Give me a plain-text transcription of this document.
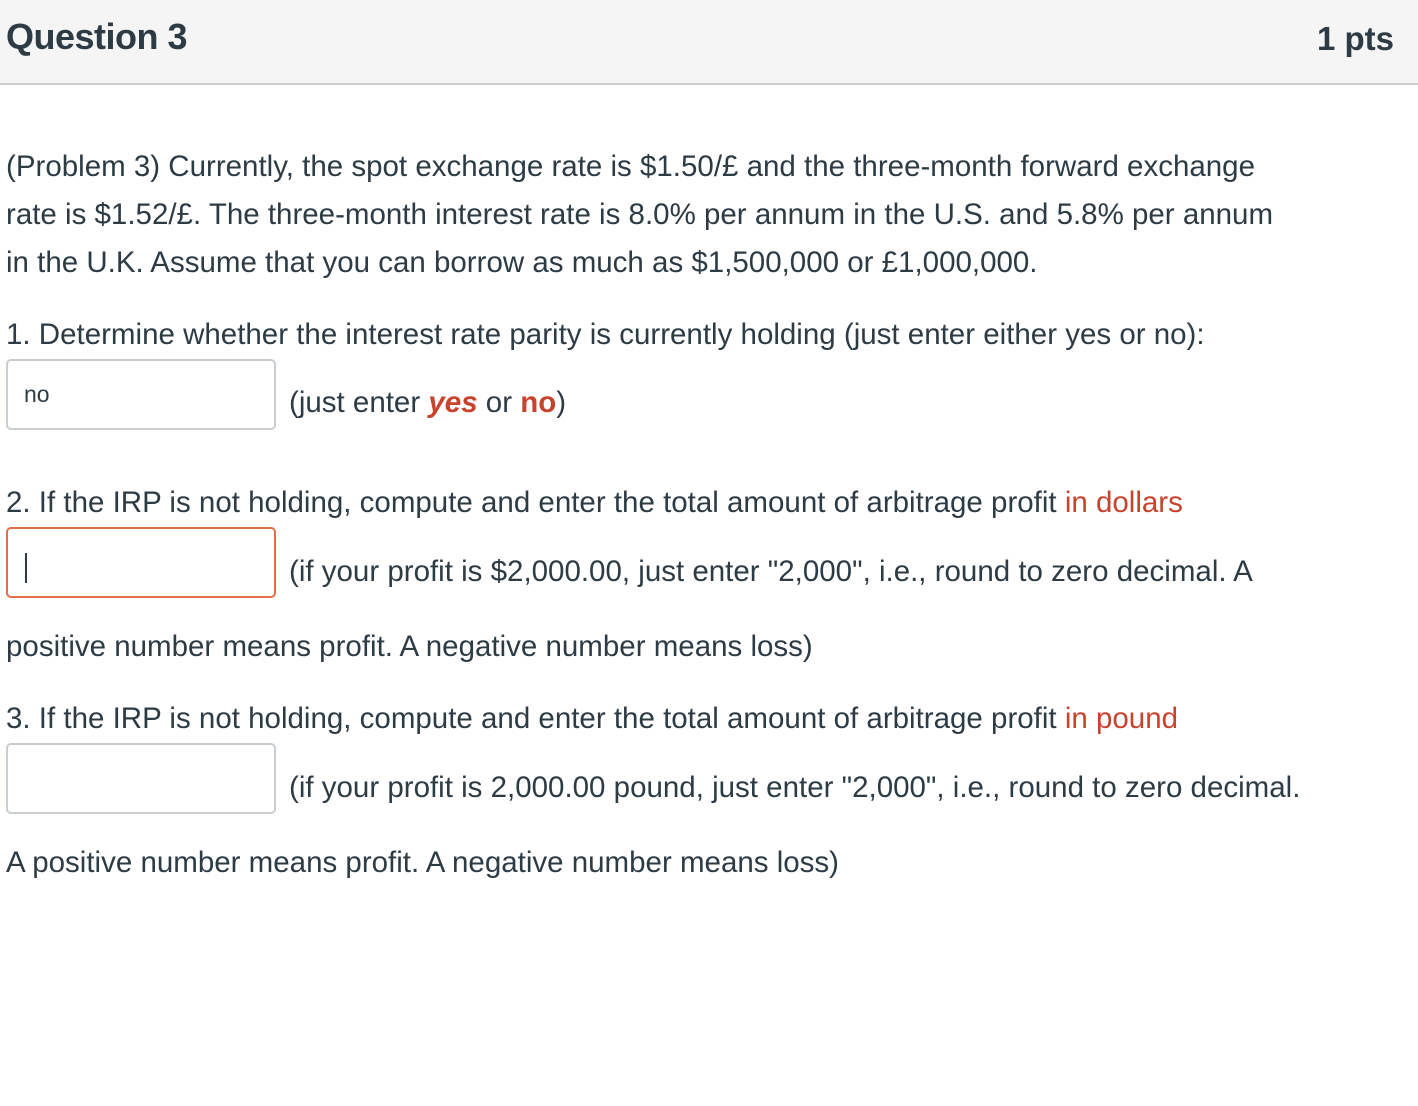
Question 3	1 pts
(Problem 3) Currently, the spot exchange rate is $1.50/£ and the three-month forward exchange
rate is $1.52/£. The three-month interest rate is 8.0% per annum in the U.S. and 5.8% per annum
in the U.K. Assume that you can borrow as much as $1,500,000 or £1,000,000.
1. Determine whether the interest rate parity is currently holding (just enter either yes or no):
no
(just enter yes or no)
2. If the IRP is not holding, compute and enter the total amount of arbitrage profit in dollars
(if your profit is $2,000.00, just enter "2,000", i.e., round to zero decimal. A
positive number means profit. A negative number means loss)
3. If the IRP is not holding, compute and enter the total amount of arbitrage profit in pound
(if your profit is 2,000.00 pound, just enter "2,000", i.e., round to zero decimal.
A positive number means profit. A negative number means loss)
